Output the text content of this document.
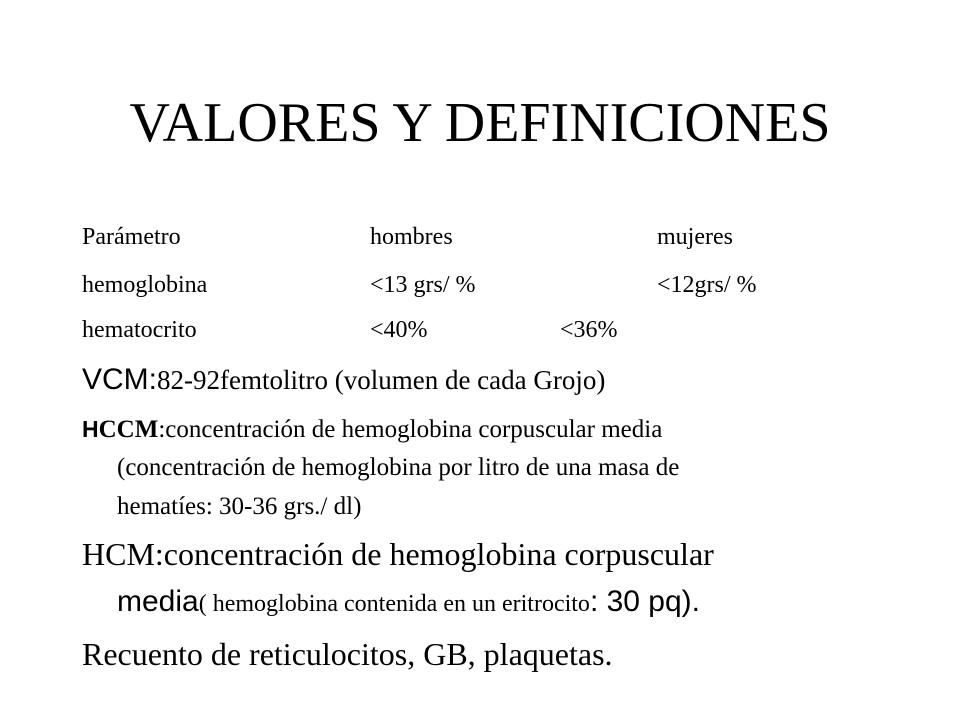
VALORES Y DEFINICIONES
Parámetro	hombres	mujeres
hemoglobina	<13 grs/ %	<12grs/ %
hematocrito	<40%	<36%
VCM:82-92femtolitro (volumen de cada Grojo)
HCCM:concentración de hemoglobina corpuscular media
(concentración de hemoglobina por litro de una masa de
hematíes: 30-36 grs./ dl)
HCM:concentración de hemoglobina corpuscular
media( hemoglobina contenida en un eritrocito: 30 pq).
Recuento de reticulocitos, GB, plaquetas.
